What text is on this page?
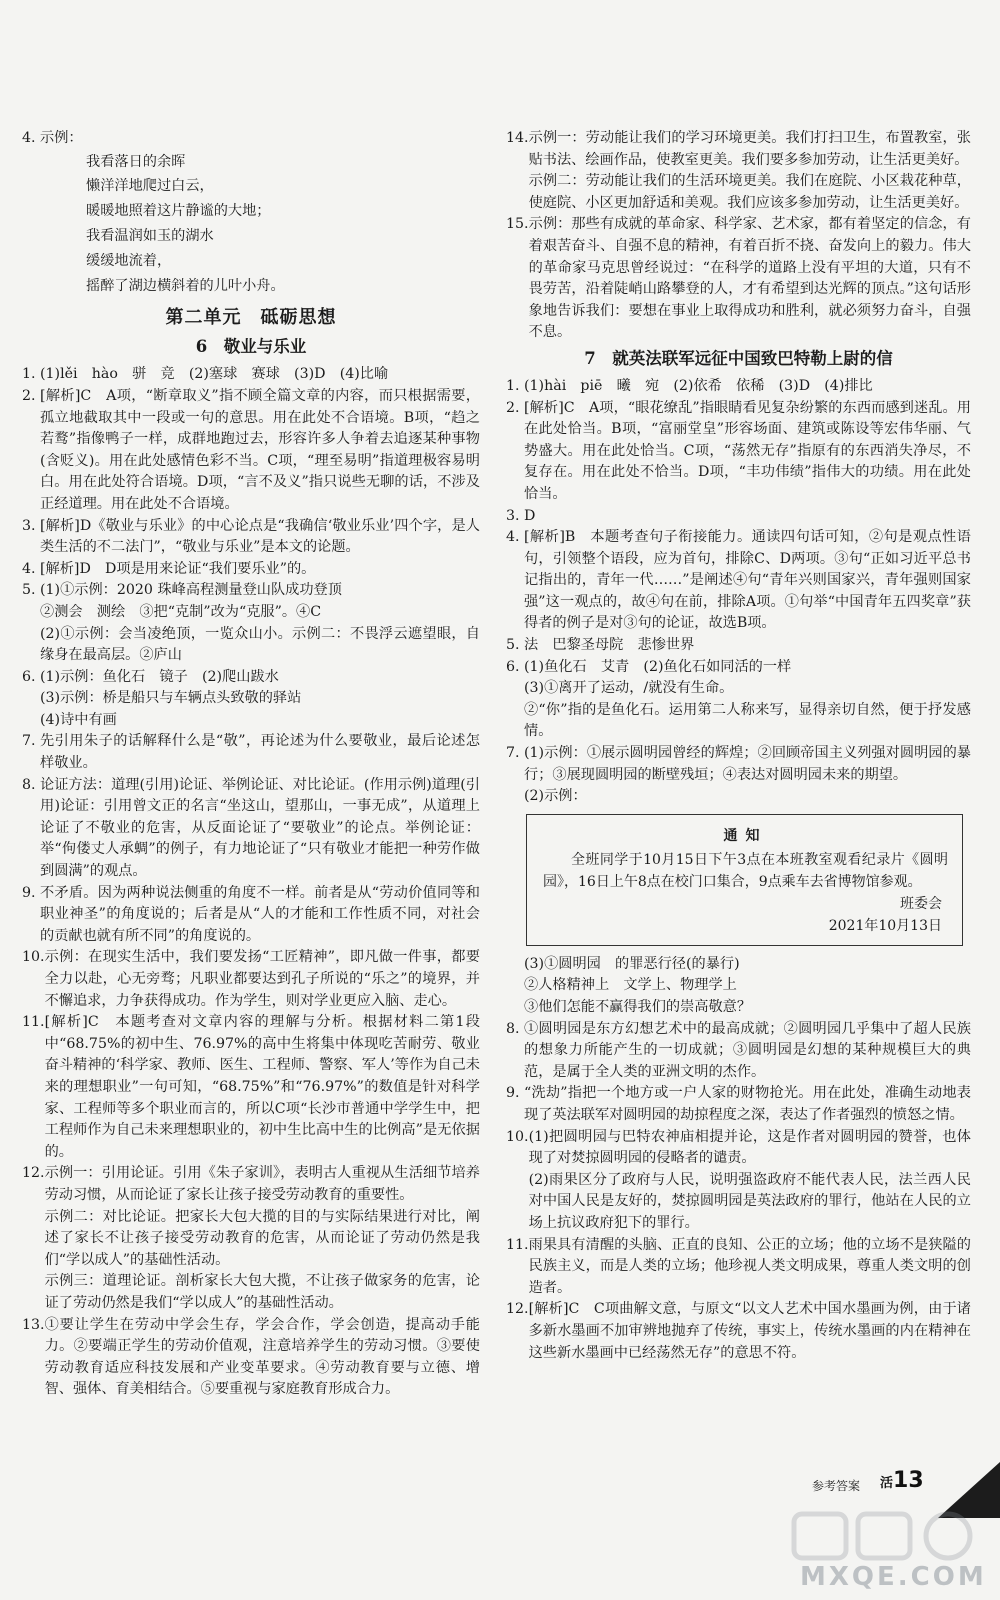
4. 示例：

我看落日的余晖

懒洋洋地爬过白云，

暖暖地照着这片静谧的大地；

我看温润如玉的湖水

缓缓地流着，

摇醉了湖边横斜着的儿叶小舟。

第二单元　砥砺思想
6　敬业与乐业
1. (1)lěi　hào　骈　竞　(2)塞球　赛球　(3)D　(4)比喻

2. [解析]C　A项，“断章取义”指不顾全篇文章的内容，而只根据需要，孤立地截取其中一段或一句的意思。用在此处不合语境。B项，“趋之若鹜”指像鸭子一样，成群地跑过去，形容许多人争着去追逐某种事物(含贬义)。用在此处感情色彩不当。C项，“理至易明”指道理极容易明白。用在此处符合语境。D项，“言不及义”指只说些无聊的话，不涉及正经道理。用在此处不合语境。

3. [解析]D《敬业与乐业》的中心论点是“我确信‘敬业乐业’四个字，是人类生活的不二法门”，“敬业与乐业”是本文的论题。

4. [解析]D　D项是用来论证“我们要乐业”的。

5. (1)①示例：2020 珠峰高程测量登山队成功登顶

②测会　测绘　③把“克制”改为“克服”。④C

(2)①示例：会当凌绝顶，一览众山小。示例二：不畏浮云遮望眼，自缘身在最高层。②庐山

6. (1)示例：鱼化石　镜子　(2)爬山跋水

(3)示例：桥是船只与车辆点头致敬的驿站

(4)诗中有画

7. 先引用朱子的话解释什么是“敬”，再论述为什么要敬业，最后论述怎样敬业。

8. 论证方法：道理(引用)论证、举例论证、对比论证。(作用示例)道理(引用)论证：引用曾文正的名言“坐这山，望那山，一事无成”，从道理上论证了不敬业的危害，从反面论证了“要敬业”的论点。举例论证：举“佝偻丈人承蜩”的例子，有力地论证了“只有敬业才能把一种劳作做到圆满”的观点。

9. 不矛盾。因为两种说法侧重的角度不一样。前者是从“劳动价值同等和职业神圣”的角度说的；后者是从“人的才能和工作性质不同，对社会的贡献也就有所不同”的角度说的。

10. 示例：在现实生活中，我们要发扬“工匠精神”，即凡做一件事，都要全力以赴，心无旁骛；凡职业都要达到孔子所说的“乐之”的境界，并不懈追求，力争获得成功。作为学生，则对学业更应入脑、走心。

11. [解析]C　本题考查对文章内容的理解与分析。根据材料二第1段中“68.75%的初中生、76.97%的高中生将集中体现吃苦耐劳、敬业奋斗精神的‘科学家、教师、医生、工程师、警察、军人’等作为自己未来的理想职业”一句可知，“68.75%”和“76.97%”的数值是针对科学家、工程师等多个职业而言的，所以C项“长沙市普通中学学生中，把工程师作为自己未来理想职业的，初中生比高中生的比例高”是无依据的。

12. 示例一：引用论证。引用《朱子家训》，表明古人重视从生活细节培养劳动习惯，从而论证了家长让孩子接受劳动教育的重要性。

示例二：对比论证。把家长大包大揽的目的与实际结果进行对比，阐述了家长不让孩子接受劳动教育的危害，从而论证了劳动仍然是我们“学以成人”的基础性活动。

示例三：道理论证。剖析家长大包大揽，不让孩子做家务的危害，论证了劳动仍然是我们“学以成人”的基础性活动。

13. ①要让学生在劳动中学会生存，学会合作，学会创造，提高动手能力。②要端正学生的劳动价值观，注意培养学生的劳动习惯。③要使劳动教育适应科技发展和产业变革要求。④劳动教育要与立德、增智、强体、育美相结合。⑤要重视与家庭教育形成合力。

14. 示例一：劳动能让我们的学习环境更美。我们打扫卫生，布置教室，张贴书法、绘画作品，使教室更美。我们要多参加劳动，让生活更美好。

示例二：劳动能让我们的生活环境更美。我们在庭院、小区栽花种草，使庭院、小区更加舒适和美观。我们应该多参加劳动，让生活更美好。

15. 示例：那些有成就的革命家、科学家、艺术家，都有着坚定的信念，有着艰苦奋斗、自强不息的精神，有着百折不挠、奋发向上的毅力。伟大的革命家马克思曾经说过：“在科学的道路上没有平坦的大道，只有不畏劳苦，沿着陡峭山路攀登的人，才有希望到达光辉的顶点。”这句话形象地告诉我们：要想在事业上取得成功和胜利，就必须努力奋斗，自强不息。

7　就英法联军远征中国致巴特勒上尉的信
1. (1)hài　piē　曦　宛　(2)依希　依稀　(3)D　(4)排比

2. [解析]C　A项，“眼花缭乱”指眼睛看见复杂纷繁的东西而感到迷乱。用在此处恰当。B项，“富丽堂皇”形容场面、建筑或陈设等宏伟华丽、气势盛大。用在此处恰当。C项，“荡然无存”指原有的东西消失净尽，不复存在。用在此处不恰当。D项，“丰功伟绩”指伟大的功绩。用在此处恰当。

3. D

4. [解析]B　本题考查句子衔接能力。通读四句话可知，②句是观点性语句，引领整个语段，应为首句，排除C、D两项。③句“正如习近平总书记指出的，青年一代……”是阐述④句“青年兴则国家兴，青年强则国家强”这一观点的，故④句在前，排除A项。①句举“中国青年五四奖章”获得者的例子是对③句的论证，故选B项。

5. 法　巴黎圣母院　悲惨世界

6. (1)鱼化石　艾青　(2)鱼化石如同活的一样

(3)①离开了运动，/就没有生命。

②“你”指的是鱼化石。运用第二人称来写，显得亲切自然，便于抒发感情。

7. (1)示例：①展示圆明园曾经的辉煌；②回顾帝国主义列强对圆明园的暴行；③展现圆明园的断壁残垣；④表达对圆明园未来的期望。

(2)示例：

通知

全班同学于10月15日下午3点在本班教室观看纪录片《圆明园》，16日上午8点在校门口集合，9点乘车去省博物馆参观。

班委会

2021年10月13日

(3)①圆明园　的罪恶行径(的暴行)

②人格精神上　文学上、物理学上

③他们怎能不赢得我们的崇高敬意？

8. ①圆明园是东方幻想艺术中的最高成就；②圆明园几乎集中了超人民族的想象力所能产生的一切成就；③圆明园是幻想的某种规模巨大的典范，是属于全人类的亚洲文明的杰作。

9. “洗劫”指把一个地方或一户人家的财物抢光。用在此处，准确生动地表现了英法联军对圆明园的劫掠程度之深，表达了作者强烈的愤怒之情。

10. (1)把圆明园与巴特农神庙相提并论，这是作者对圆明园的赞誉，也体现了对焚掠圆明园的侵略者的谴责。

(2)雨果区分了政府与人民，说明强盗政府不能代表人民，法兰西人民对中国人民是友好的，焚掠圆明园是英法政府的罪行，他站在人民的立场上抗议政府犯下的罪行。

11. 雨果具有清醒的头脑、正直的良知、公正的立场；他的立场不是狭隘的民族主义，而是人类的立场；他珍视人类文明成果，尊重人类文明的创造者。

12. [解析]C　C项曲解文意，与原文“以文人艺术中国水墨画为例，由于诸多新水墨画不加审辨地抛弃了传统，事实上，传统水墨画的内在精神在这些新水墨画中已经荡然无存”的意思不符。

参考答案 活13
MXQE.COM
